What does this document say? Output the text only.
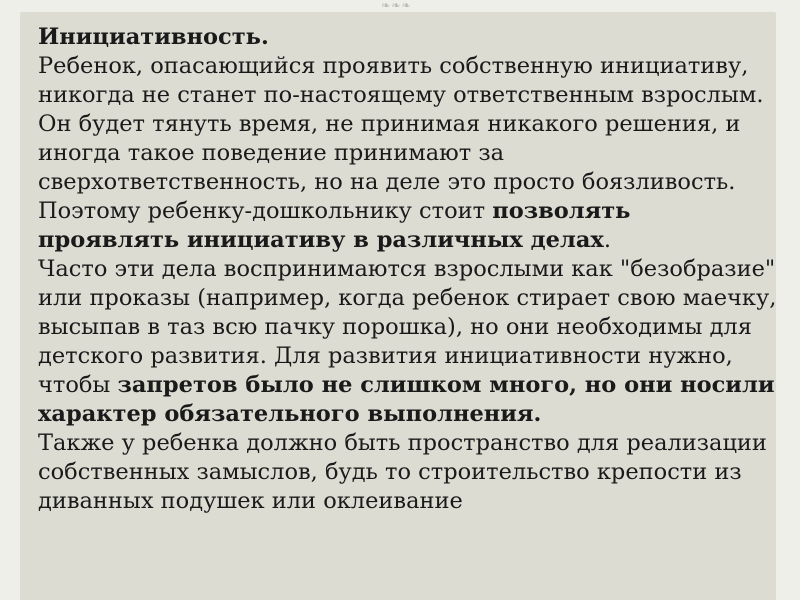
❧❧❧

Инициативность.

Ребенок, опасающийся проявить собственную инициативу, никогда не станет по-настоящему ответственным взрослым. Он будет тянуть время, не принимая никакого решения, и иногда такое поведение принимают за сверхответственность, но на деле это просто боязливость. Поэтому ребенку-дошкольнику стоит позволять проявлять инициативу в различных делах.

Часто эти дела воспринимаются взрослыми как "безобразие" или проказы (например, когда ребенок стирает свою маечку, высыпав в таз всю пачку порошка), но они необходимы для детского развития. Для развития инициативности нужно, чтобы запретов было не слишком много, но они носили характер обязательного выполнения.

Также у ребенка должно быть пространство для реализации собственных замыслов, будь то строительство крепости из диванных подушек или оклеивание
